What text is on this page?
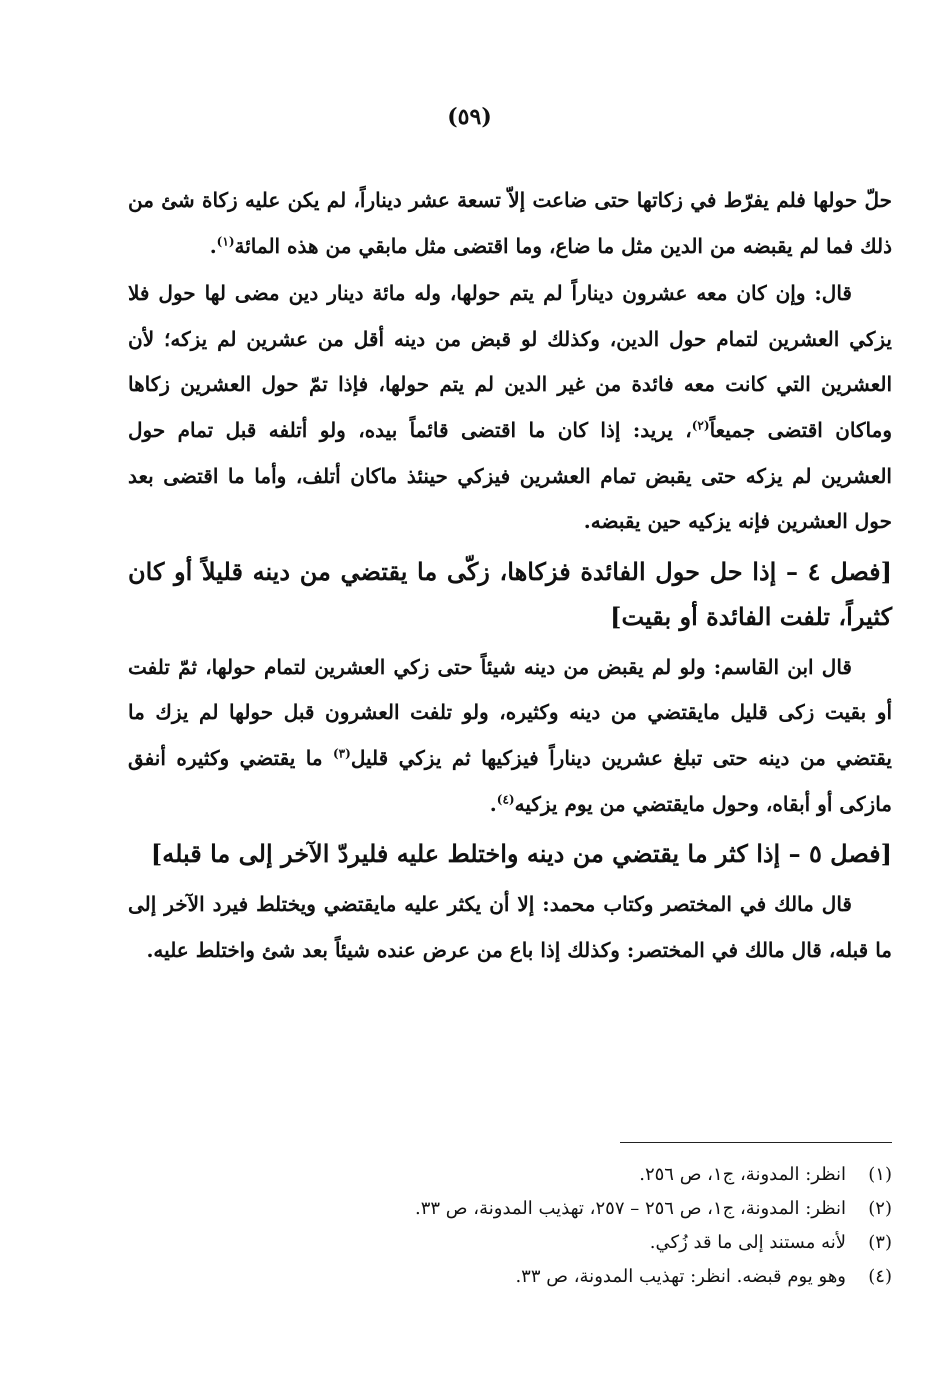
(٥٩)

حلّ حولها فلم يفرّط في زكاتها حتى ضاعت إلاّ تسعة عشر ديناراً، لم يكن عليه زكاة شئ من ذلك فما لم يقبضه من الدين مثل ما ضاع، وما اقتضى مثل مابقي من هذه المائة$^{(١)}$.

قال: وإن كان معه عشرون ديناراً لم يتم حولها، وله مائة دينار دين مضى لها حول فلا يزكي العشرين لتمام حول الدين، وكذلك لو قبض من دينه أقل من عشرين لم يزكه؛ لأن العشرين التي كانت معه فائدة من غير الدين لم يتم حولها، فإذا تمّ حول العشرين زكاها وماكان اقتضى جميعاً$^{(٢)}$، يريد: إذا كان ما اقتضى قائماً بيده، ولو أتلفه قبل تمام حول العشرين لم يزكه حتى يقبض تمام العشرين فيزكي حينئذ ماكان أتلف، وأما ما اقتضى بعد حول العشرين فإنه يزكيه حين يقبضه.

[فصل ٤ – إذا حل حول الفائدة فزكاها، زكّى ما يقتضي من دينه قليلاً أو كان كثيراً، تلفت الفائدة أو بقيت]

قال ابن القاسم: ولو لم يقبض من دينه شيئاً حتى زكي العشرين لتمام حولها، ثمّ تلفت أو بقيت زكى قليل مايقتضي من دينه وكثيره، ولو تلفت العشرون قبل حولها لم يزك ما يقتضي من دينه حتى تبلغ عشرين ديناراً فيزكيها ثم يزكي قليل$^{(٣)}$ ما يقتضي وكثيره أنفق مازكى أو أبقاه، وحول مايقتضي من يوم يزكيه$^{(٤)}$.

[فصل ٥ – إذا كثر ما يقتضي من دينه واختلط عليه فليردّ الآخر إلى ما قبله]

قال مالك في المختصر وكتاب محمد: إلا أن يكثر عليه مايقتضي ويختلط فيرد الآخر إلى ما قبله، قال مالك في المختصر: وكذلك إذا باع من عرض عنده شيئاً بعد شئ واختلط عليه.

(١)
انظر: المدونة، ج١، ص ٢٥٦.
(٢)
انظر: المدونة، ج١، ص ٢٥٦ – ٢٥٧، تهذيب المدونة، ص ٣٣.
(٣)
لأنه مستند إلى ما قد زُكي.
(٤)
وهو يوم قبضه. انظر: تهذيب المدونة، ص ٣٣.
